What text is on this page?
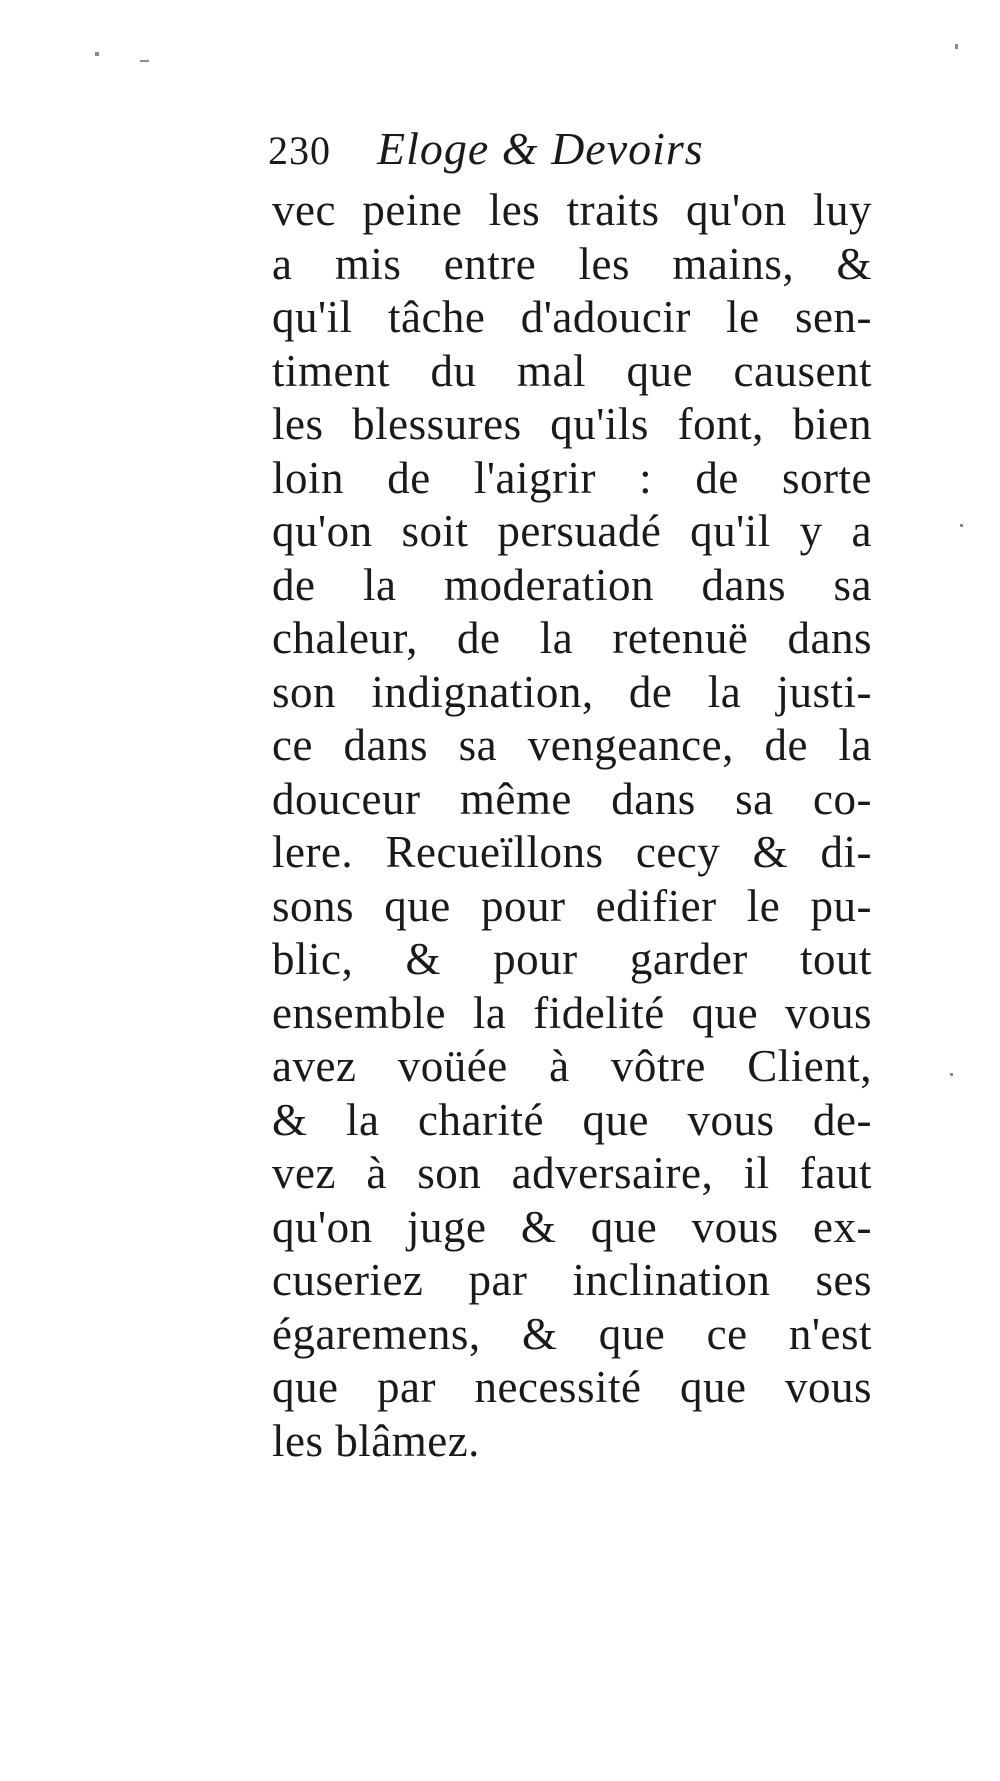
230 Eloge & Devoirs
vec peine les traits qu'on luy
a mis entre les mains, &
qu'il tâche d'adoucir le sen-
timent du mal que causent
les blessures qu'ils font, bien
loin de l'aigrir : de sorte
qu'on soit persuadé qu'il y a
de la moderation dans sa
chaleur, de la retenuë dans
son indignation, de la justi-
ce dans sa vengeance, de la
douceur même dans sa co-
lere. Recueïllons cecy & di-
sons que pour edifier le pu-
blic, & pour garder tout
ensemble la fidelité que vous
avez voüée à vôtre Client,
& la charité que vous de-
vez à son adversaire, il faut
qu'on juge & que vous ex-
cuseriez par inclination ses
égaremens, & que ce n'est
que par necessité que vous
les blâmez.
